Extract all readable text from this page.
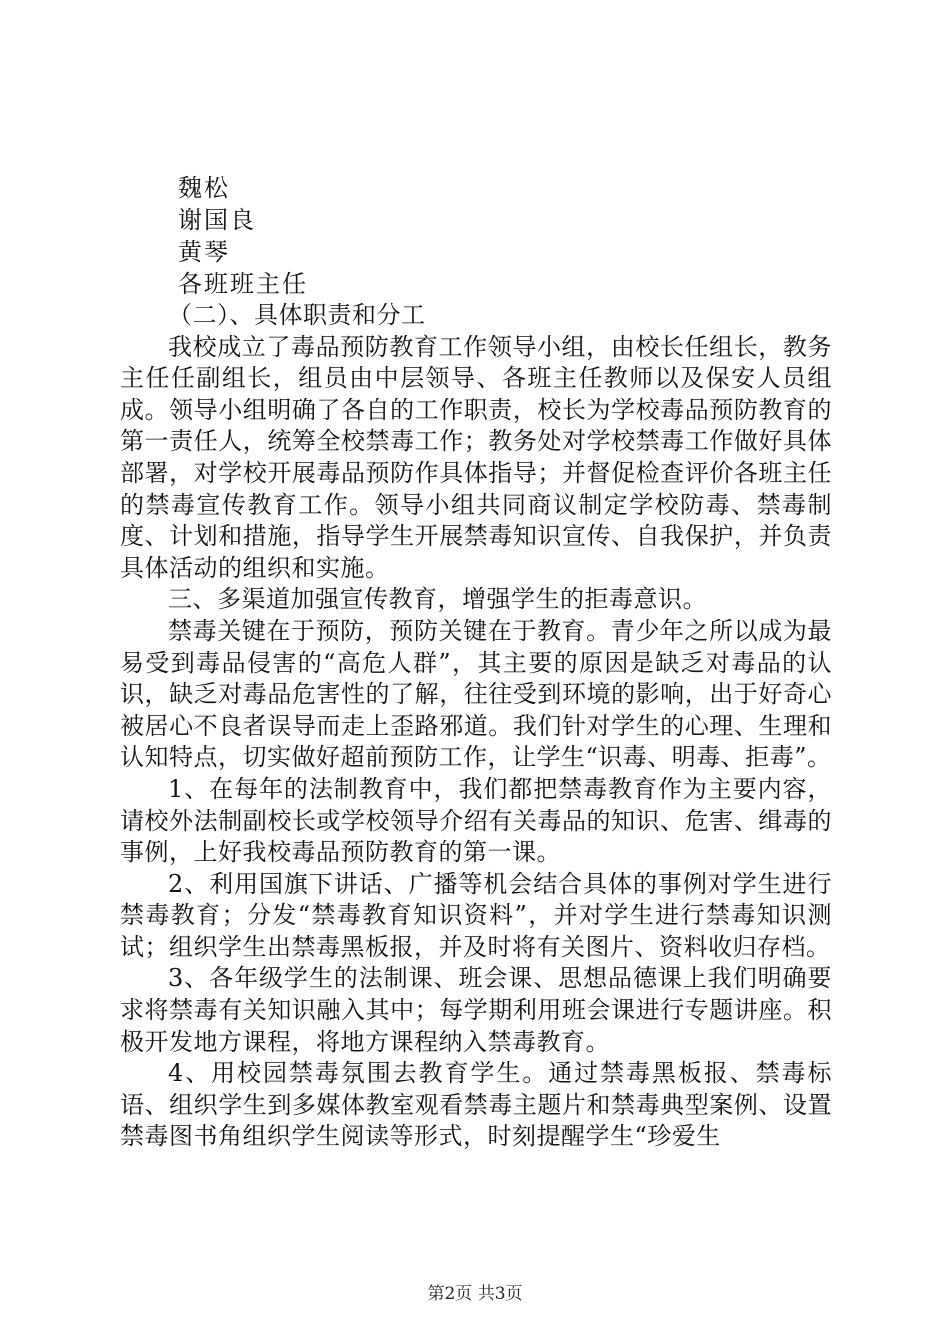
魏松
谢国良
黄琴
各班班主任

（二）、具体职责和分工

我校成立了毒品预防教育工作领导小组，由校长任组长，教务主任任副组长，组员由中层领导、各班主任教师以及保安人员组成。领导小组明确了各自的工作职责，校长为学校毒品预防教育的第一责任人，统筹全校禁毒工作；教务处对学校禁毒工作做好具体部署，对学校开展毒品预防作具体指导；并督促检查评价各班主任的禁毒宣传教育工作。领导小组共同商议制定学校防毒、禁毒制度、计划和措施，指导学生开展禁毒知识宣传、自我保护，并负责具体活动的组织和实施。

三、多渠道加强宣传教育，增强学生的拒毒意识。

禁毒关键在于预防，预防关键在于教育。青少年之所以成为最易受到毒品侵害的“高危人群”，其主要的原因是缺乏对毒品的认识，缺乏对毒品危害性的了解，往往受到环境的影响，出于好奇心被居心不良者误导而走上歪路邪道。我们针对学生的心理、生理和认知特点，切实做好超前预防工作，让学生“识毒、明毒、拒毒”。

1、在每年的法制教育中，我们都把禁毒教育作为主要内容，请校外法制副校长或学校领导介绍有关毒品的知识、危害、缉毒的事例，上好我校毒品预防教育的第一课。

2、利用国旗下讲话、广播等机会结合具体的事例对学生进行禁毒教育；分发“禁毒教育知识资料”，并对学生进行禁毒知识测试；组织学生出禁毒黑板报，并及时将有关图片、资料收归存档。

3、各年级学生的法制课、班会课、思想品德课上我们明确要求将禁毒有关知识融入其中；每学期利用班会课进行专题讲座。积极开发地方课程，将地方课程纳入禁毒教育。

4、用校园禁毒氛围去教育学生。通过禁毒黑板报、禁毒标语、组织学生到多媒体教室观看禁毒主题片和禁毒典型案例、设置禁毒图书角组织学生阅读等形式，时刻提醒学生“珍爱生

第2页 共3页
